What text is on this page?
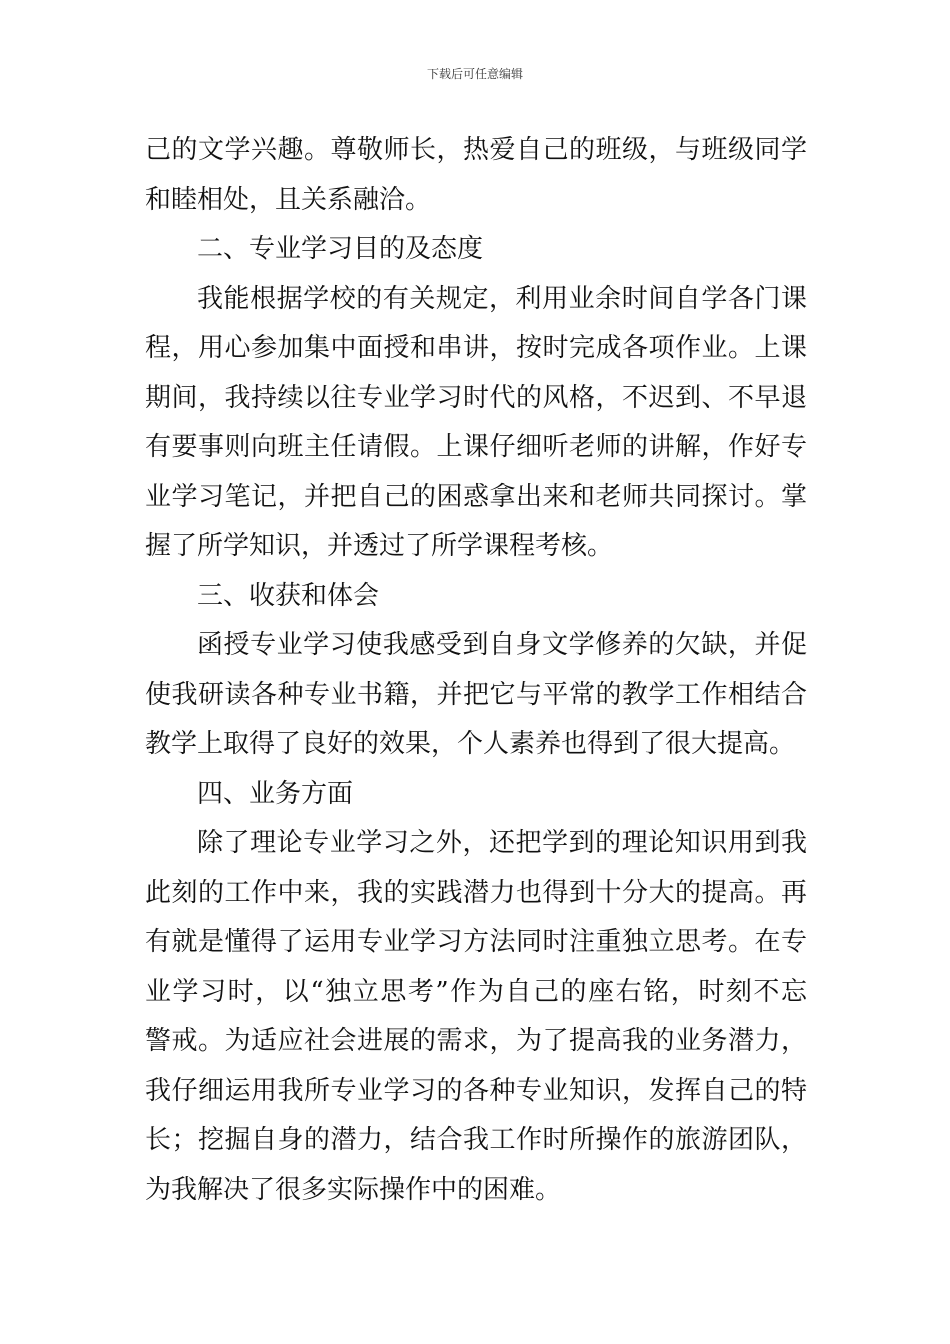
下载后可任意编辑
己的文学兴趣。尊敬师长，热爱自己的班级，与班级同学
和睦相处，且关系融洽。
二、专业学习目的及态度
我能根据学校的有关规定，利用业余时间自学各门课
程，用心参加集中面授和串讲，按时完成各项作业。上课
期间，我持续以往专业学习时代的风格，不迟到、不早退
有要事则向班主任请假。上课仔细听老师的讲解，作好专
业学习笔记，并把自己的困惑拿出来和老师共同探讨。掌
握了所学知识，并透过了所学课程考核。
三、收获和体会
函授专业学习使我感受到自身文学修养的欠缺，并促
使我研读各种专业书籍，并把它与平常的教学工作相结合
教学上取得了良好的效果，个人素养也得到了很大提高。
四、业务方面
除了理论专业学习之外，还把学到的理论知识用到我
此刻的工作中来，我的实践潜力也得到十分大的提高。再
有就是懂得了运用专业学习方法同时注重独立思考。在专
业学习时，以“独立思考”作为自己的座右铭，时刻不忘
警戒。为适应社会进展的需求，为了提高我的业务潜力，
我仔细运用我所专业学习的各种专业知识，发挥自己的特
长；挖掘自身的潜力，结合我工作时所操作的旅游团队，
为我解决了很多实际操作中的困难。
